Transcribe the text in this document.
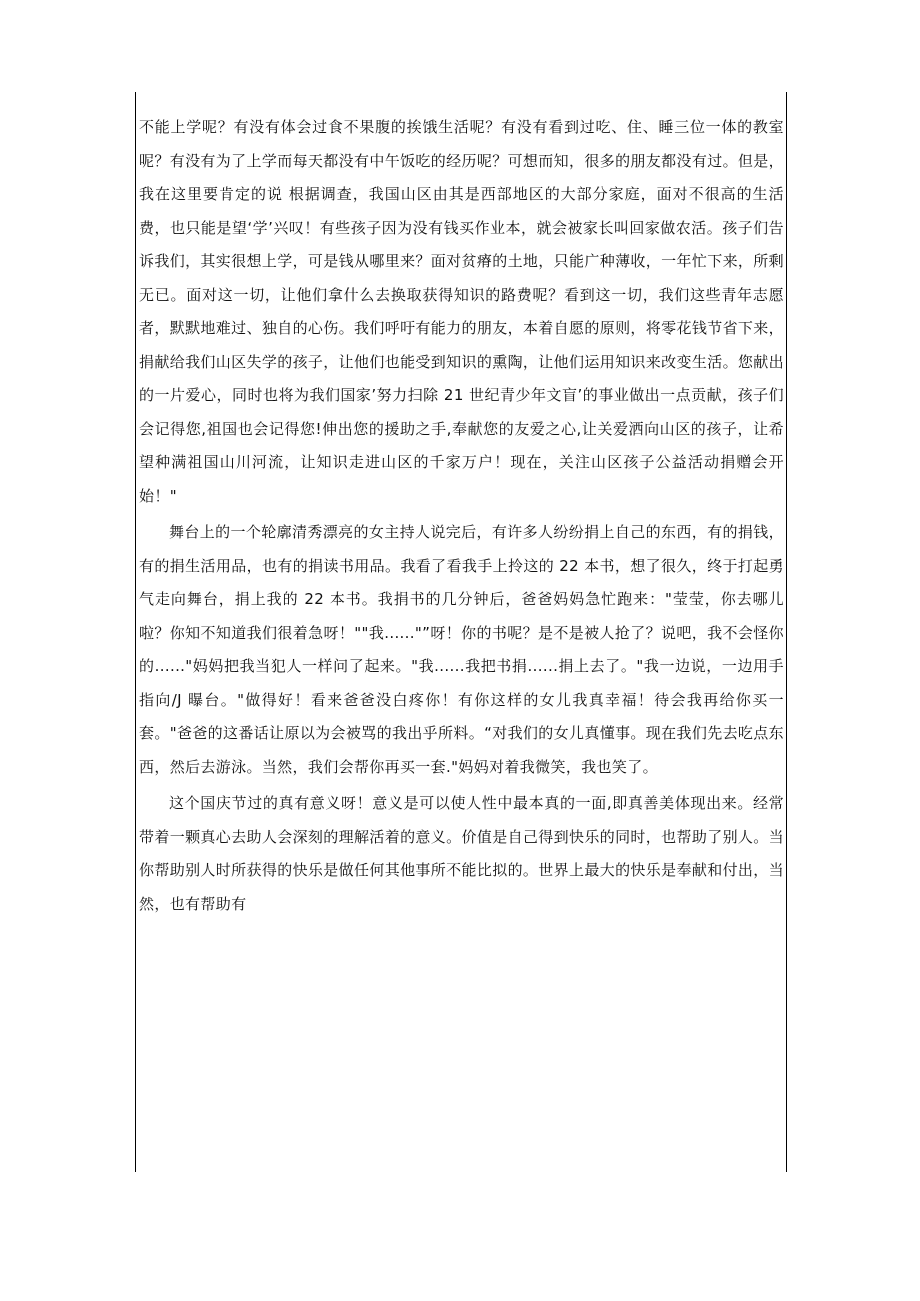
不能上学呢？有没有体会过食不果腹的挨饿生活呢？有没有看到过吃、住、睡三位一体的教室呢？有没有为了上学而每天都没有中午饭吃的经历呢？可想而知，很多的朋友都没有过。但是，我在这里要肯定的说 根据调查，我国山区由其是西部地区的大部分家庭，面对不很高的生活费，也只能是望‘学’兴叹！有些孩子因为没有钱买作业本，就会被家长叫回家做农活。孩子们告诉我们，其实很想上学，可是钱从哪里来？面对贫瘠的土地，只能广种薄收，一年忙下来，所剩无已。面对这一切，让他们拿什么去换取获得知识的路费呢？看到这一切，我们这些青年志愿者，默默地难过、独自的心伤。我们呼吁有能力的朋友，本着自愿的原则，将零花钱节省下来，捐献给我们山区失学的孩子，让他们也能受到知识的熏陶，让他们运用知识来改变生活。您献出的一片爱心，同时也将为我们国家’努力扫除 21 世纪青少年文盲’的事业做出一点贡献，孩子们会记得您,祖国也会记得您!伸出您的援助之手,奉献您的友爱之心,让关爱洒向山区的孩子，让希望种满祖国山川河流，让知识走进山区的千家万户！现在，关注山区孩子公益活动捐赠会开始！"

舞台上的一个轮廓清秀漂亮的女主持人说完后，有许多人纷纷捐上自己的东西，有的捐钱，有的捐生活用品，也有的捐读书用品。我看了看我手上拎这的 22 本书，想了很久，终于打起勇气走向舞台，捐上我的 22 本书。我捐书的几分钟后，爸爸妈妈急忙跑来："莹莹，你去哪儿啦？你知不知道我们很着急呀！""我......"”呀！你的书呢？是不是被人抢了？说吧，我不会怪你的......"妈妈把我当犯人一样问了起来。"我......我把书捐......捐上去了。"我一边说，一边用手指向/J 曝台。"做得好！看来爸爸没白疼你！有你这样的女儿我真幸福！待会我再给你买一套。"爸爸的这番话让原以为会被骂的我出乎所料。“对我们的女儿真懂事。现在我们先去吃点东西，然后去游泳。当然，我们会帮你再买一套."妈妈对着我微笑，我也笑了。

这个国庆节过的真有意义呀！意义是可以使人性中最本真的一面,即真善美体现出来。经常带着一颗真心去助人会深刻的理解活着的意义。价值是自己得到快乐的同时，也帮助了别人。当你帮助别人时所获得的快乐是做任何其他事所不能比拟的。世界上最大的快乐是奉献和付出，当然，也有帮助有
